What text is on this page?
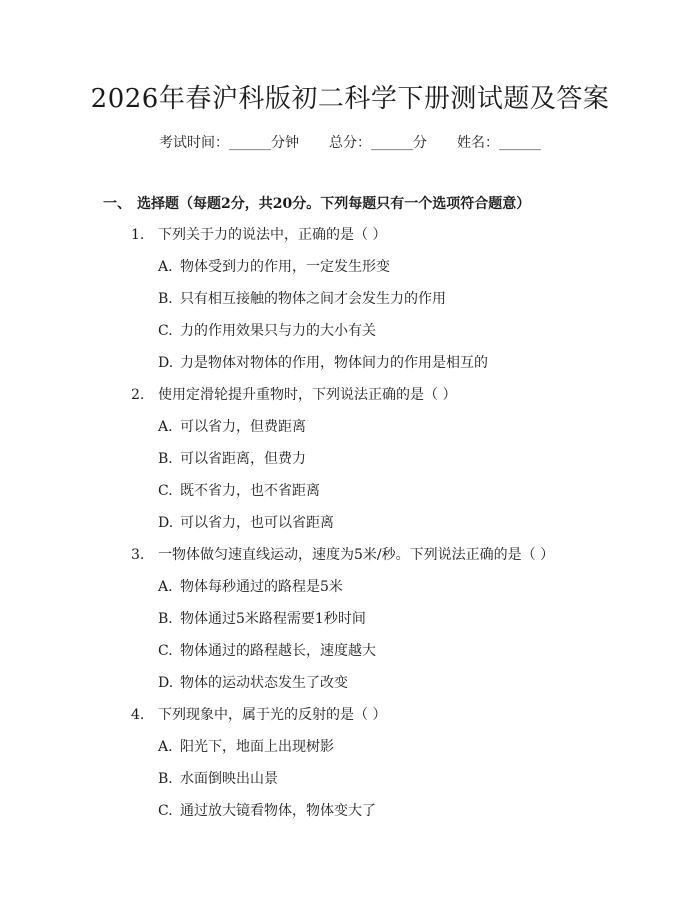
2026年春沪科版初二科学下册测试题及答案
考试时间：______分钟 总分：______分 姓名：______
一、 选择题（每题2分，共20分。下列每题只有一个选项符合题意）
1. 下列关于力的说法中，正确的是（ ）
A. 物体受到力的作用，一定发生形变
B. 只有相互接触的物体之间才会发生力的作用
C. 力的作用效果只与力的大小有关
D. 力是物体对物体的作用，物体间力的作用是相互的
2. 使用定滑轮提升重物时，下列说法正确的是（ ）
A. 可以省力，但费距离
B. 可以省距离，但费力
C. 既不省力，也不省距离
D. 可以省力，也可以省距离
3. 一物体做匀速直线运动，速度为5米/秒。下列说法正确的是（ ）
A. 物体每秒通过的路程是5米
B. 物体通过5米路程需要1秒时间
C. 物体通过的路程越长，速度越大
D. 物体的运动状态发生了改变
4. 下列现象中，属于光的反射的是（ ）
A. 阳光下，地面上出现树影
B. 水面倒映出山景
C. 通过放大镜看物体，物体变大了
